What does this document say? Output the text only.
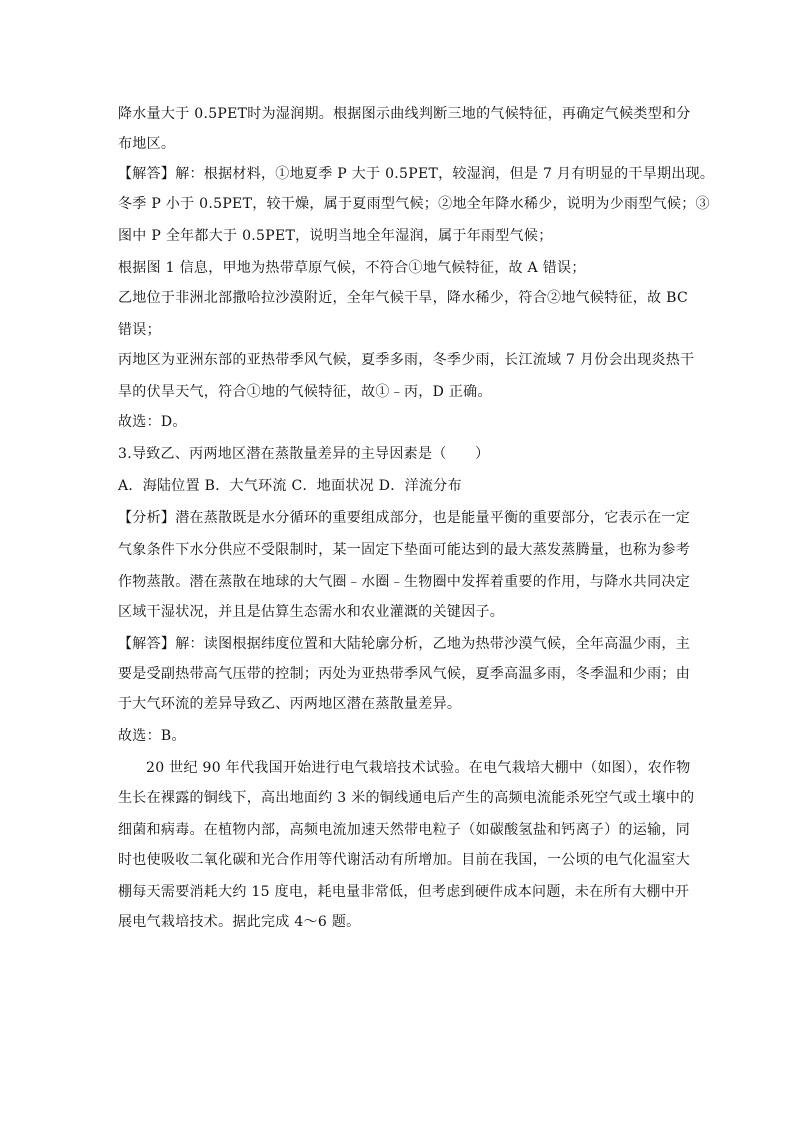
降水量大于 0.5PET时为湿润期。根据图示曲线判断三地的气候特征，再确定气候类型和分
布地区。
【解答】解：根据材料，①地夏季 P 大于 0.5PET，较湿润，但是 7 月有明显的干旱期出现。
冬季 P 小于 0.5PET，较干燥，属于夏雨型气候；②地全年降水稀少，说明为少雨型气候；③
图中 P 全年都大于 0.5PET，说明当地全年湿润，属于年雨型气候；
根据图 1 信息，甲地为热带草原气候，不符合①地气候特征，故 A 错误；
乙地位于非洲北部撒哈拉沙漠附近，全年气候干旱，降水稀少，符合②地气候特征，故 BC
错误；
丙地区为亚洲东部的亚热带季风气候，夏季多雨，冬季少雨，长江流域 7 月份会出现炎热干
旱的伏旱天气，符合①地的气候特征，故①﹣丙，D 正确。
故选：D。
3.导致乙、丙两地区潜在蒸散量差异的主导因素是（　　）
A．海陆位置 B．大气环流 C．地面状况 D．洋流分布
【分析】潜在蒸散既是水分循环的重要组成部分，也是能量平衡的重要部分，它表示在一定
气象条件下水分供应不受限制时，某一固定下垫面可能达到的最大蒸发蒸腾量，也称为参考
作物蒸散。潜在蒸散在地球的大气圈﹣水圈﹣生物圈中发挥着重要的作用，与降水共同决定
区域干湿状况，并且是估算生态需水和农业灌溉的关键因子。
【解答】解：读图根据纬度位置和大陆轮廓分析，乙地为热带沙漠气候，全年高温少雨，主
要是受副热带高气压带的控制；丙处为亚热带季风气候，夏季高温多雨，冬季温和少雨；由
于大气环流的差异导致乙、丙两地区潜在蒸散量差异。
故选：B。
20 世纪 90 年代我国开始进行电气栽培技术试验。在电气栽培大棚中（如图），农作物
生长在裸露的铜线下，高出地面约 3 米的铜线通电后产生的高频电流能杀死空气或土壤中的
细菌和病毒。在植物内部，高频电流加速天然带电粒子（如碳酸氢盐和钙离子）的运输，同
时也使吸收二氧化碳和光合作用等代谢活动有所增加。目前在我国，一公顷的电气化温室大
棚每天需要消耗大约 15 度电，耗电量非常低，但考虑到硬件成本问题，未在所有大棚中开
展电气栽培技术。据此完成 4～6 题。
